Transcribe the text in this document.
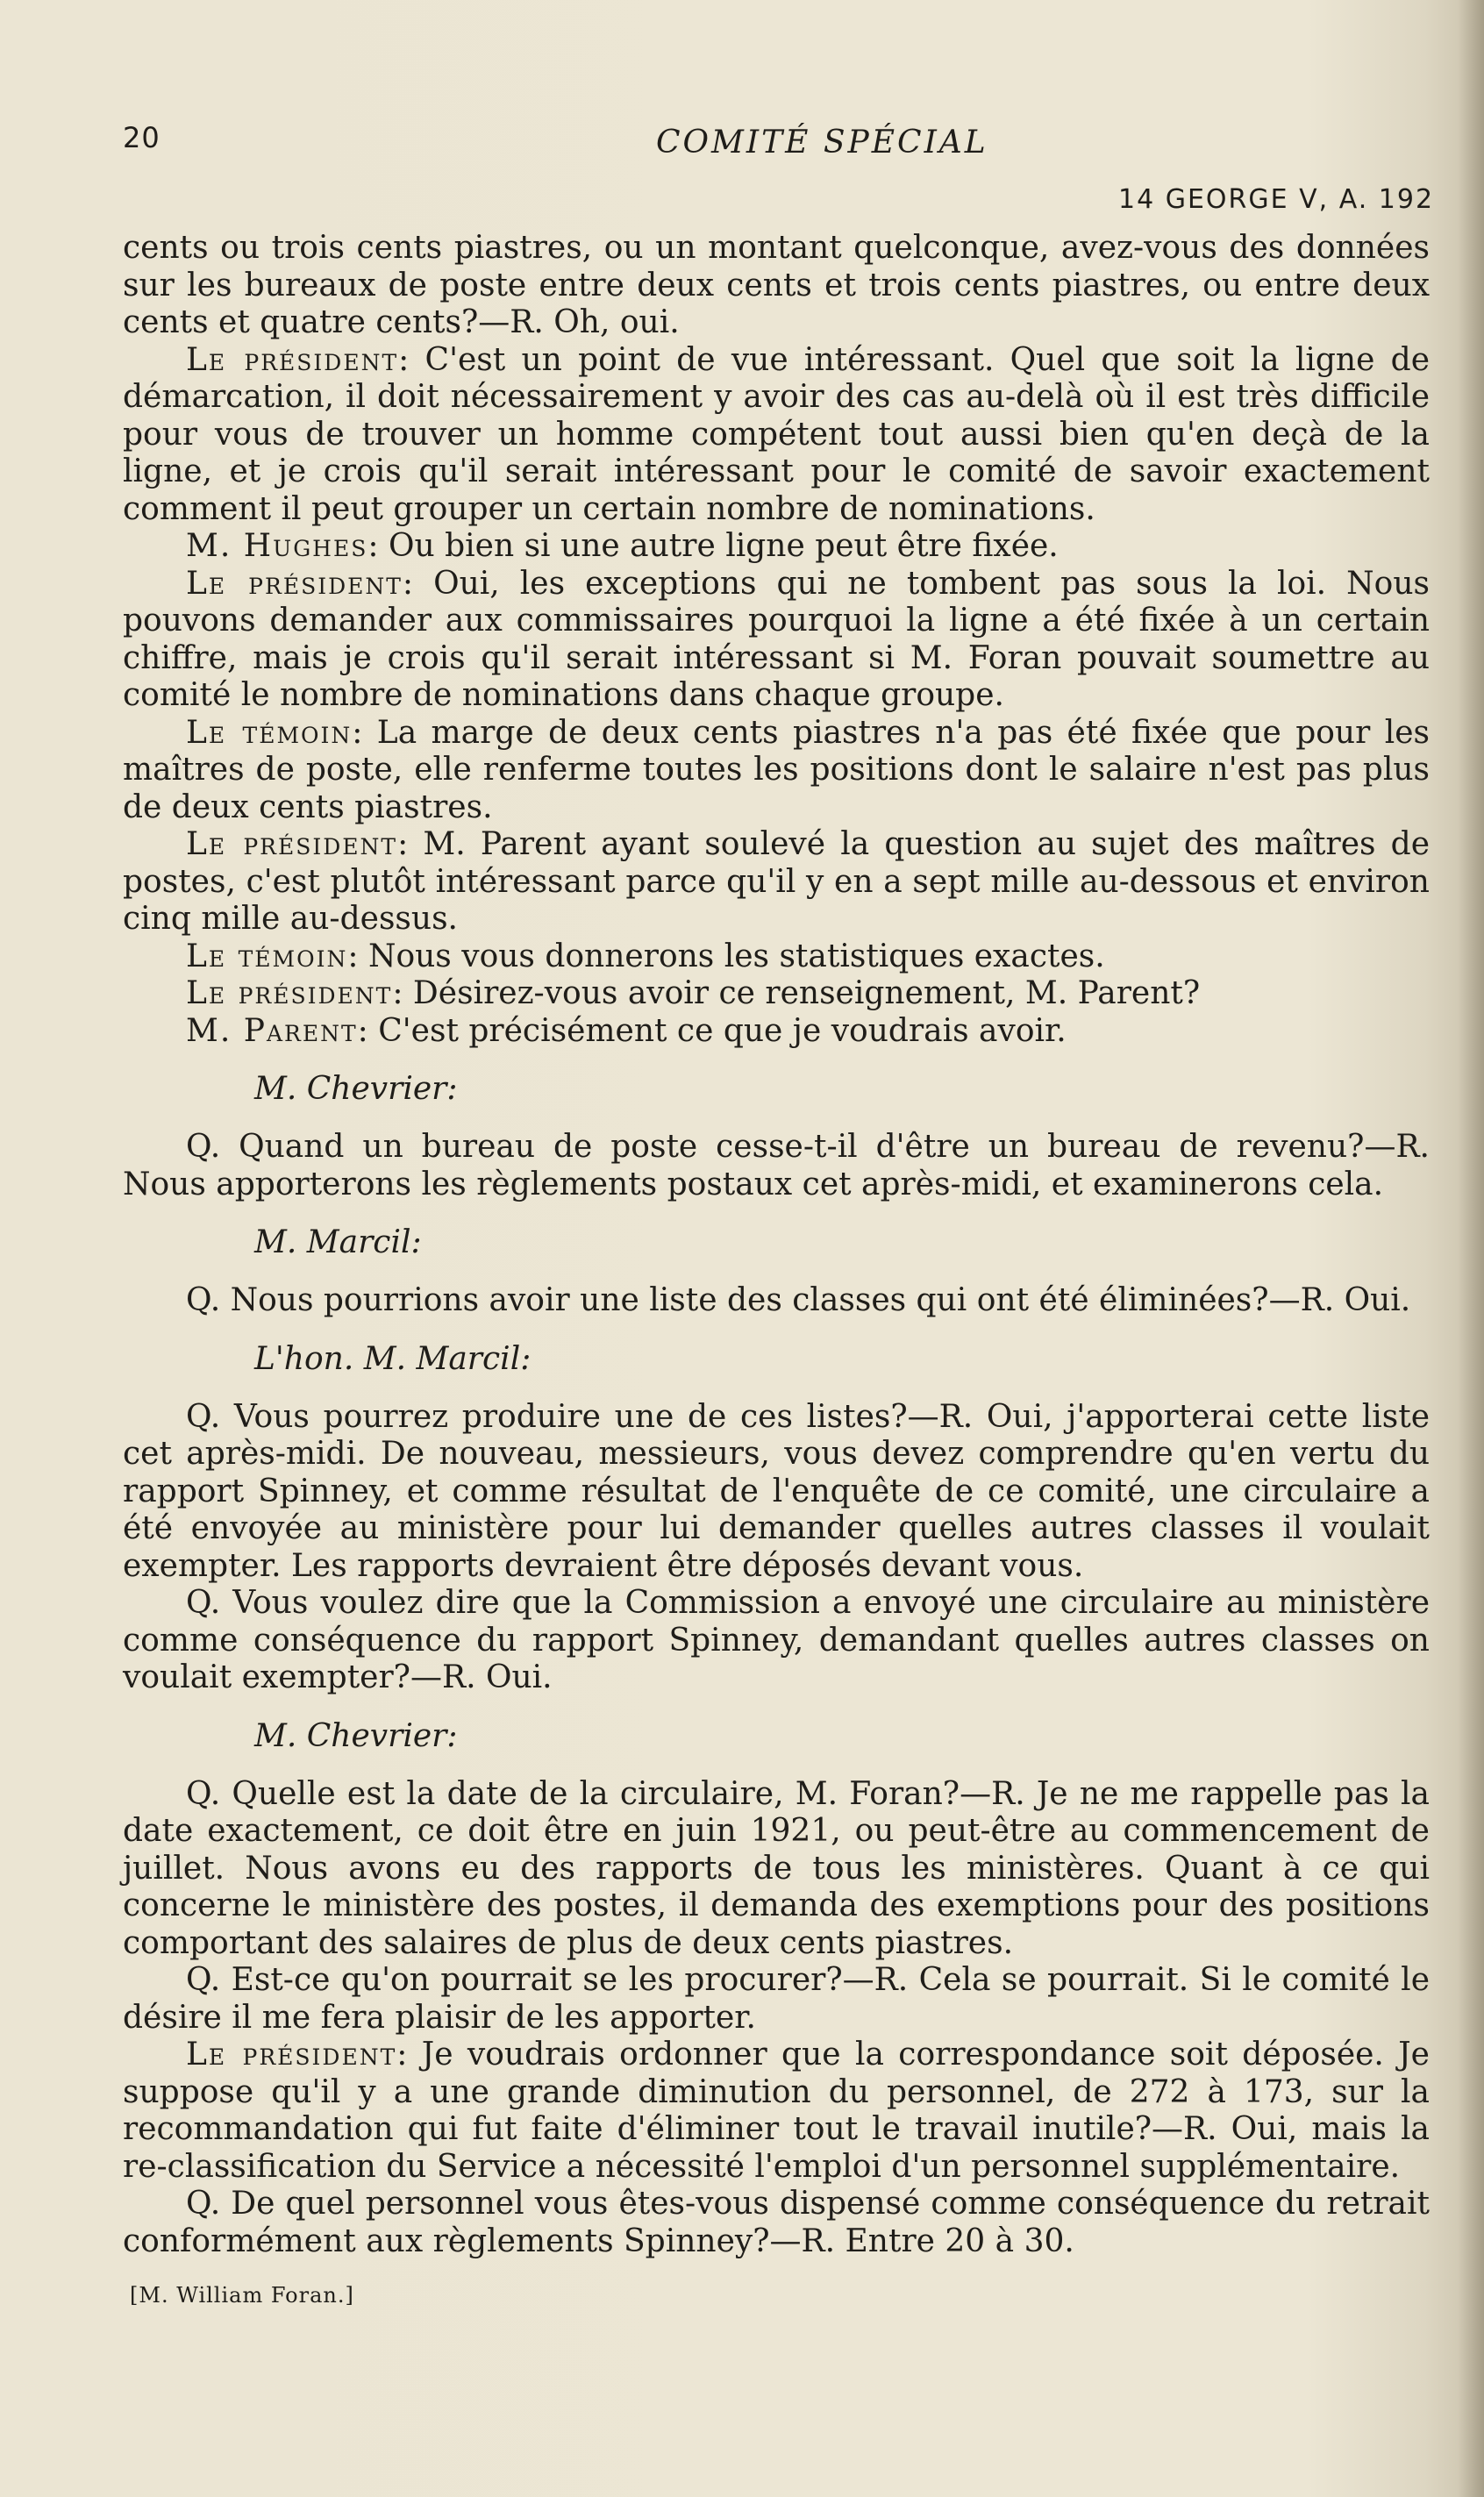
20	COMITÉ SPÉCIAL
14 GEORGE V, A. 192

cents ou trois cents piastres, ou un montant quelconque, avez-vous des données sur les bureaux de poste entre deux cents et trois cents piastres, ou entre deux cents et quatre cents?—R. Oh, oui.

Le président: C'est un point de vue intéressant. Quel que soit la ligne de démarcation, il doit nécessairement y avoir des cas au-delà où il est très difficile pour vous de trouver un homme compétent tout aussi bien qu'en deçà de la ligne, et je crois qu'il serait intéressant pour le comité de savoir exactement comment il peut grouper un certain nombre de nominations.

M. Hughes: Ou bien si une autre ligne peut être fixée.

Le président: Oui, les exceptions qui ne tombent pas sous la loi. Nous pouvons demander aux commissaires pourquoi la ligne a été fixée à un certain chiffre, mais je crois qu'il serait intéressant si M. Foran pouvait soumettre au comité le nombre de nominations dans chaque groupe.

Le témoin: La marge de deux cents piastres n'a pas été fixée que pour les maîtres de poste, elle renferme toutes les positions dont le salaire n'est pas plus de deux cents piastres.

Le président: M. Parent ayant soulevé la question au sujet des maîtres de postes, c'est plutôt intéressant parce qu'il y en a sept mille au-dessous et environ cinq mille au-dessus.

Le témoin: Nous vous donnerons les statistiques exactes.

Le président: Désirez-vous avoir ce renseignement, M. Parent?

M. Parent: C'est précisément ce que je voudrais avoir.

M. Chevrier:

Q. Quand un bureau de poste cesse-t-il d'être un bureau de revenu?—R. Nous apporterons les règlements postaux cet après-midi, et examinerons cela.

M. Marcil:

Q. Nous pourrions avoir une liste des classes qui ont été éliminées?—R. Oui.

L'hon. M. Marcil:

Q. Vous pourrez produire une de ces listes?—R. Oui, j'apporterai cette liste cet après-midi. De nouveau, messieurs, vous devez comprendre qu'en vertu du rapport Spinney, et comme résultat de l'enquête de ce comité, une circulaire a été envoyée au ministère pour lui demander quelles autres classes il voulait exempter. Les rapports devraient être déposés devant vous.

Q. Vous voulez dire que la Commission a envoyé une circulaire au ministère comme conséquence du rapport Spinney, demandant quelles autres classes on voulait exempter?—R. Oui.

M. Chevrier:

Q. Quelle est la date de la circulaire, M. Foran?—R. Je ne me rappelle pas la date exactement, ce doit être en juin 1921, ou peut-être au commencement de juillet. Nous avons eu des rapports de tous les ministères. Quant à ce qui concerne le ministère des postes, il demanda des exemptions pour des positions comportant des salaires de plus de deux cents piastres.

Q. Est-ce qu'on pourrait se les procurer?—R. Cela se pourrait. Si le comité le désire il me fera plaisir de les apporter.

Le président: Je voudrais ordonner que la correspondance soit déposée. Je suppose qu'il y a une grande diminution du personnel, de 272 à 173, sur la recommandation qui fut faite d'éliminer tout le travail inutile?—R. Oui, mais la re-classification du Service a nécessité l'emploi d'un personnel supplémentaire.

Q. De quel personnel vous êtes-vous dispensé comme conséquence du retrait conformément aux règlements Spinney?—R. Entre 20 à 30.

[M. William Foran.]
